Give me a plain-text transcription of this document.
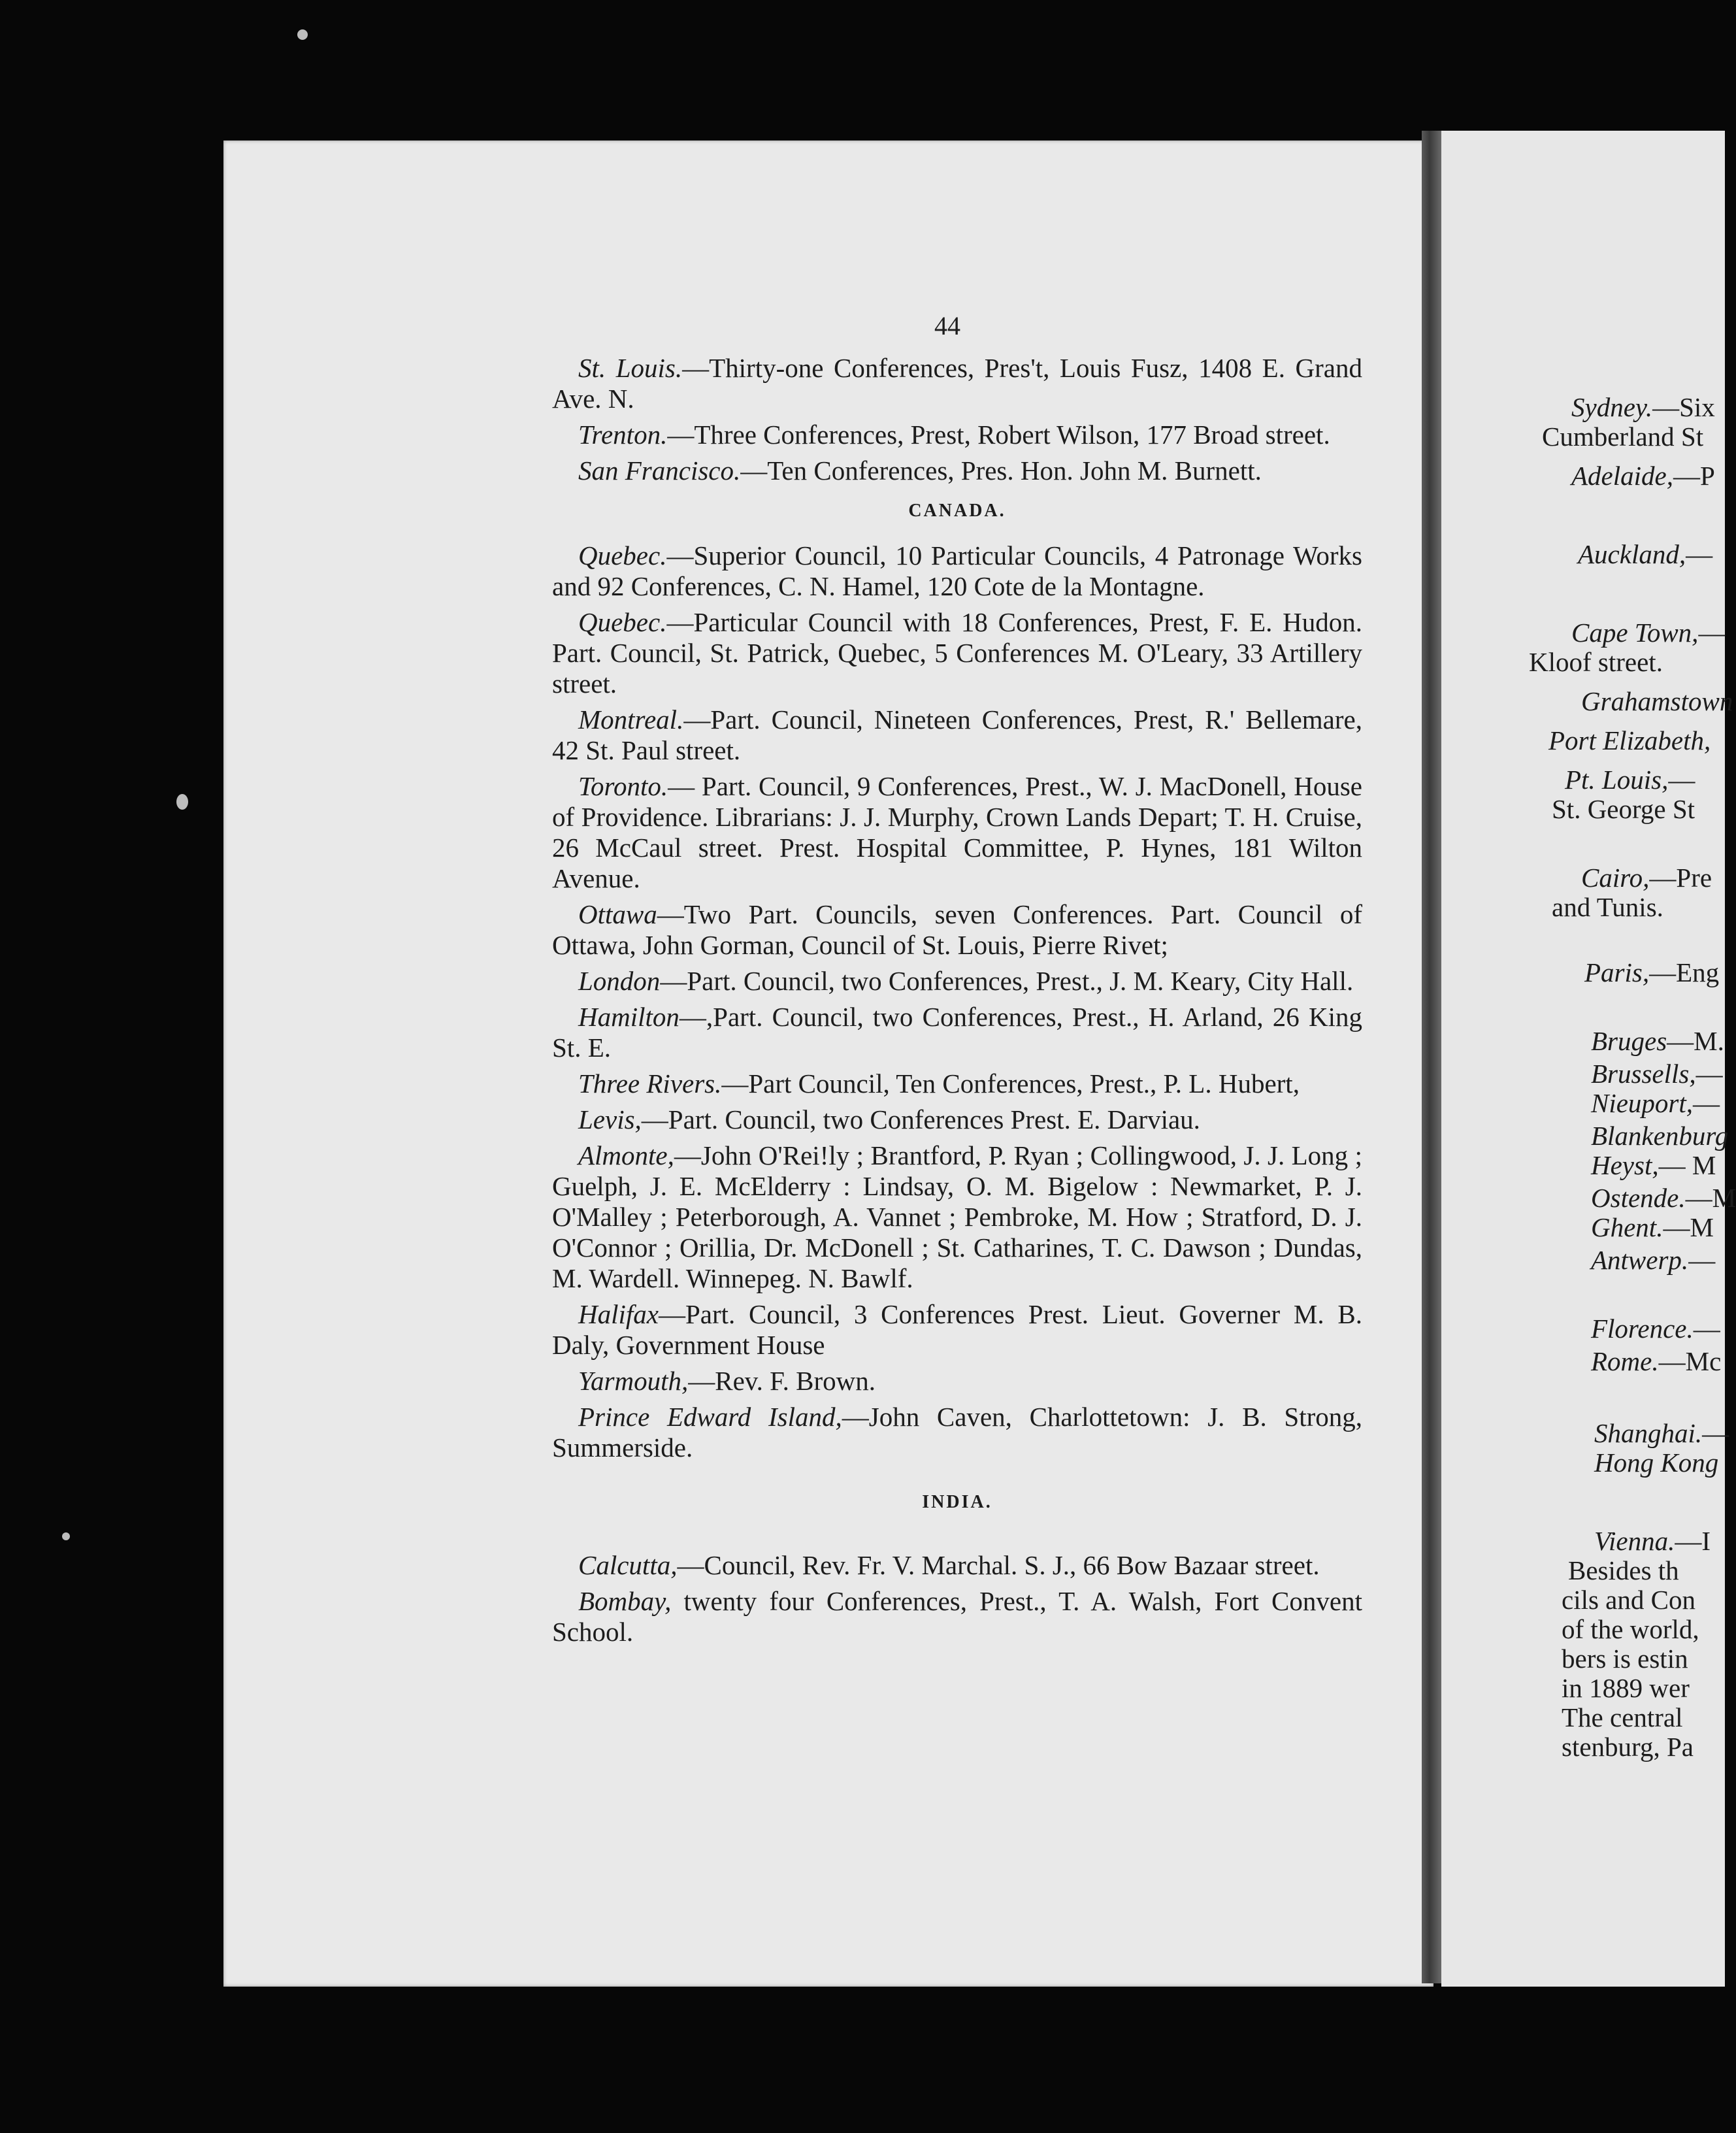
44

St. Louis.—Thirty-one Conferences, Pres't, Louis Fusz, 1408 E. Grand Ave. N.

Trenton.—Three Conferences, Prest, Robert Wilson, 177 Broad street.

San Francisco.—Ten Conferences, Pres. Hon. John M. Burnett.

CANADA.

Quebec.—Superior Council, 10 Particular Councils, 4 Patronage Works and 92 Conferences, C. N. Hamel, 120 Cote de la Montagne.

Quebec.—Particular Council with 18 Conferences, Prest, F. E. Hudon. Part. Council, St. Patrick, Quebec, 5 Conferences M. O'Leary, 33 Artillery street.

Montreal.—Part. Council, Nineteen Conferences, Prest, R.' Bellemare, 42 St. Paul street.

Toronto.— Part. Council, 9 Conferences, Prest., W. J. MacDonell, House of Providence. Librarians: J. J. Murphy, Crown Lands Depart; T. H. Cruise, 26 McCaul street. Prest. Hospital Committee, P. Hynes, 181 Wilton Avenue.

Ottawa—Two Part. Councils, seven Conferences. Part. Council of Ottawa, John Gorman, Council of St. Louis, Pierre Rivet;

London—Part. Council, two Conferences, Prest., J. M. Keary, City Hall.

Hamilton—,Part. Council, two Conferences, Prest., H. Arland, 26 King St. E.

Three Rivers.—Part Council, Ten Conferences, Prest., P. L. Hubert,

Levis,—Part. Council, two Conferences Prest. E. Darviau.

Almonte,—John O'Rei!ly ; Brantford, P. Ryan ; Collingwood, J. J. Long ; Guelph, J. E. McElderry : Lindsay, O. M. Bigelow : Newmarket, P. J. O'Malley ; Peterborough, A. Vannet ; Pembroke, M. How ; Stratford, D. J. O'Connor ; Orillia, Dr. McDonell ; St. Catharines, T. C. Dawson ; Dundas, M. Wardell. Winnepeg. N. Bawlf.

Halifax—Part. Council, 3 Conferences Prest. Lieut. Governer M. B. Daly, Government House

Yarmouth,—Rev. F. Brown.

Prince Edward Island,—John Caven, Charlottetown: J. B. Strong, Summerside.

INDIA.

Calcutta,—Council, Rev. Fr. V. Marchal. S. J., 66 Bow Bazaar street.

Bombay, twenty four Conferences, Prest., T. A. Walsh, Fort Convent School.

Sydney.—Six
Cumberland St
Adelaide,—P
Auckland,—
Cape Town,—
Kloof street.
Grahamstown
Port Elizabeth,
Pt. Louis,—
St. George St
Cairo,—Pre
and Tunis.
Paris,—Eng
Bruges—M.
Brussells,—
Nieuport,—
Blankenburg
Heyst,— M
Ostende.—M
Ghent.—M
Antwerp.—
Florence.—
Rome.—Mc
Shanghai.—
Hong Kong
Vienna.—I
Besides th
cils and Con
of the world,
bers is estin
in 1889 wer
The central
stenburg, Pa
